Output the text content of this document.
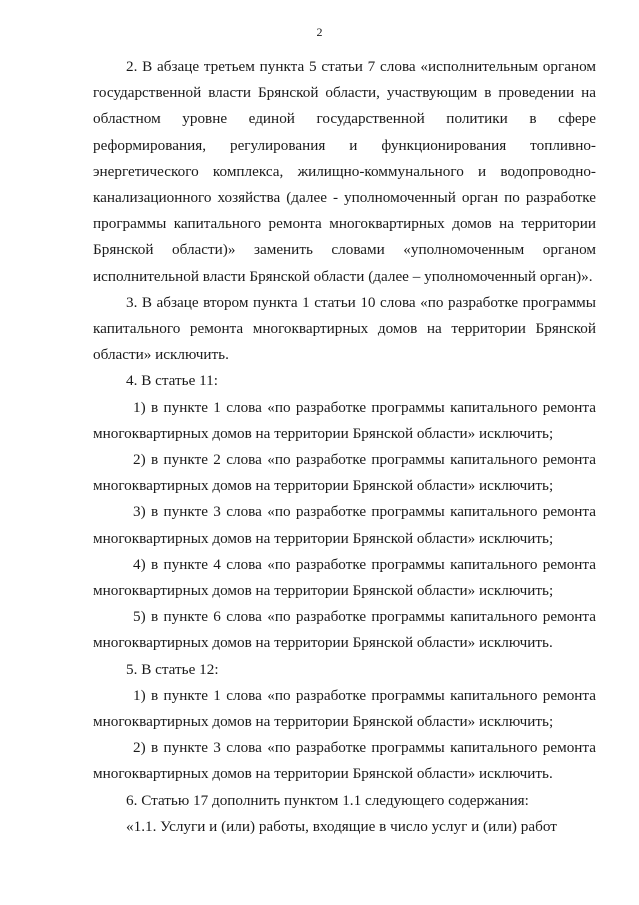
2

2. В абзаце третьем пункта 5 статьи 7 слова «исполнительным органом государственной власти Брянской области, участвующим в проведении на областном уровне единой государственной политики в сфере реформирования, регулирования и функционирования топливно-энергетического комплекса, жилищно-коммунального и водопроводно-канализационного хозяйства (далее - уполномоченный орган по разработке программы капитального ремонта многоквартирных домов на территории Брянской области)» заменить словами «уполномоченным органом исполнительной власти Брянской области (далее – уполномоченный орган)».

3. В абзаце втором пункта 1 статьи 10 слова «по разработке программы капитального ремонта многоквартирных домов на территории Брянской области» исключить.

4. В статье 11:

1) в пункте 1 слова «по разработке программы капитального ремонта многоквартирных домов на территории Брянской области» исключить;

2) в пункте 2 слова «по разработке программы капитального ремонта многоквартирных домов на территории Брянской области» исключить;

3) в пункте 3 слова «по разработке программы капитального ремонта многоквартирных домов на территории Брянской области» исключить;

4) в пункте 4 слова «по разработке программы капитального ремонта многоквартирных домов на территории Брянской области» исключить;

5) в пункте 6 слова «по разработке программы капитального ремонта многоквартирных домов на территории Брянской области» исключить.

5. В статье 12:

1) в пункте 1 слова «по разработке программы капитального ремонта многоквартирных домов на территории Брянской области» исключить;

2) в пункте 3 слова «по разработке программы капитального ремонта многоквартирных домов на территории Брянской области» исключить.

6. Статью 17 дополнить пунктом 1.1 следующего содержания:

«1.1. Услуги и (или) работы, входящие в число услуг и (или) работ
